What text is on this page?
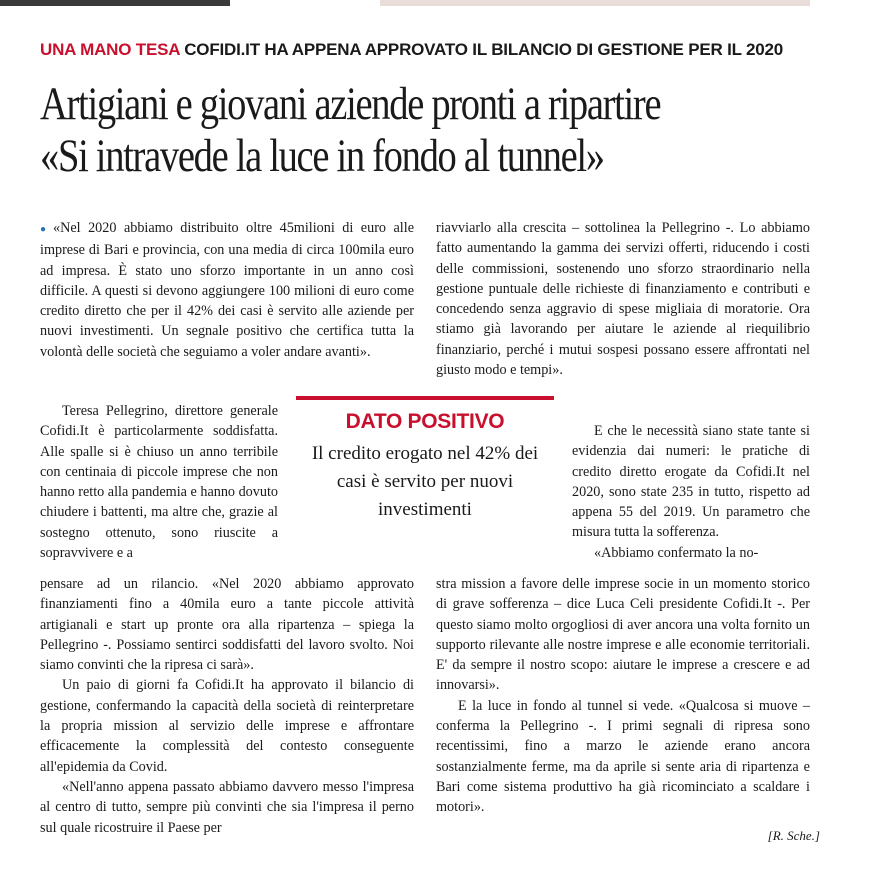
UNA MANO TESA COFIDI.IT HA APPENA APPROVATO IL BILANCIO DI GESTIONE PER IL 2020
Artigiani e giovani aziende pronti a ripartire
«Si intravede la luce in fondo al tunnel»

● «Nel 2020 abbiamo distribuito oltre 45milioni di euro alle imprese di Bari e provincia, con una media di circa 100mila euro ad impresa. È stato uno sforzo importante in un anno così difficile. A questi si devono aggiungere 100 milioni di euro come credito diretto che per il 42% dei casi è servito alle aziende per nuovi investimenti. Un segnale positivo che certifica tutta la volontà delle società che seguiamo a voler andare avanti».

Teresa Pellegrino, direttore generale Cofidi.It è particolarmente soddisfatta. Alle spalle si è chiuso un anno terribile con centinaia di piccole imprese che non hanno retto alla pandemia e hanno dovuto chiudere i battenti, ma altre che, grazie al sostegno ottenuto, sono riuscite a sopravvivere e a

pensare ad un rilancio. «Nel 2020 abbiamo approvato finanziamenti fino a 40mila euro a tante piccole attività artigianali e start up pronte ora alla ripartenza – spiega la Pellegrino -. Possiamo sentirci soddisfatti del lavoro svolto. Noi siamo convinti che la ripresa ci sarà».

Un paio di giorni fa Cofidi.It ha approvato il bilancio di gestione, confermando la capacità della società di reinterpretare la propria mission al servizio delle imprese e affrontare efficacemente la complessità del contesto conseguente all'epidemia da Covid.

«Nell'anno appena passato abbiamo davvero messo l'impresa al centro di tutto, sempre più convinti che sia l'impresa il perno sul quale ricostruire il Paese per

riavviarlo alla crescita – sottolinea la Pellegrino -. Lo abbiamo fatto aumentando la gamma dei servizi offerti, riducendo i costi delle commissioni, sostenendo uno sforzo straordinario nella gestione puntuale delle richieste di finanziamento e contributi e concedendo senza aggravio di spese migliaia di moratorie. Ora stiamo già lavorando per aiutare le aziende al riequilibrio finanziario, perché i mutui sospesi possano essere affrontati nel giusto modo e tempi».

E che le necessità siano state tante si evidenzia dai numeri: le pratiche di credito diretto erogate da Cofidi.It nel 2020, sono state 235 in tutto, rispetto ad appena 55 del 2019. Un parametro che misura tutta la sofferenza.

«Abbiamo confermato la no-

stra mission a favore delle imprese socie in un momento storico di grave sofferenza – dice Luca Celi presidente Cofidi.It -. Per questo siamo molto orgogliosi di aver ancora una volta fornito un supporto rilevante alle nostre imprese e alle economie territoriali. E' da sempre il nostro scopo: aiutare le imprese a crescere e ad innovarsi».

E la luce in fondo al tunnel si vede. «Qualcosa si muove – conferma la Pellegrino -. I primi segnali di ripresa sono recentissimi, fino a marzo le aziende erano ancora sostanzialmente ferme, ma da aprile si sente aria di ripartenza e Bari come sistema produttivo ha già ricominciato a scaldare i motori».

[R. Sche.]
DATO POSITIVO
Il credito erogato nel 42% dei casi è servito per nuovi investimenti
